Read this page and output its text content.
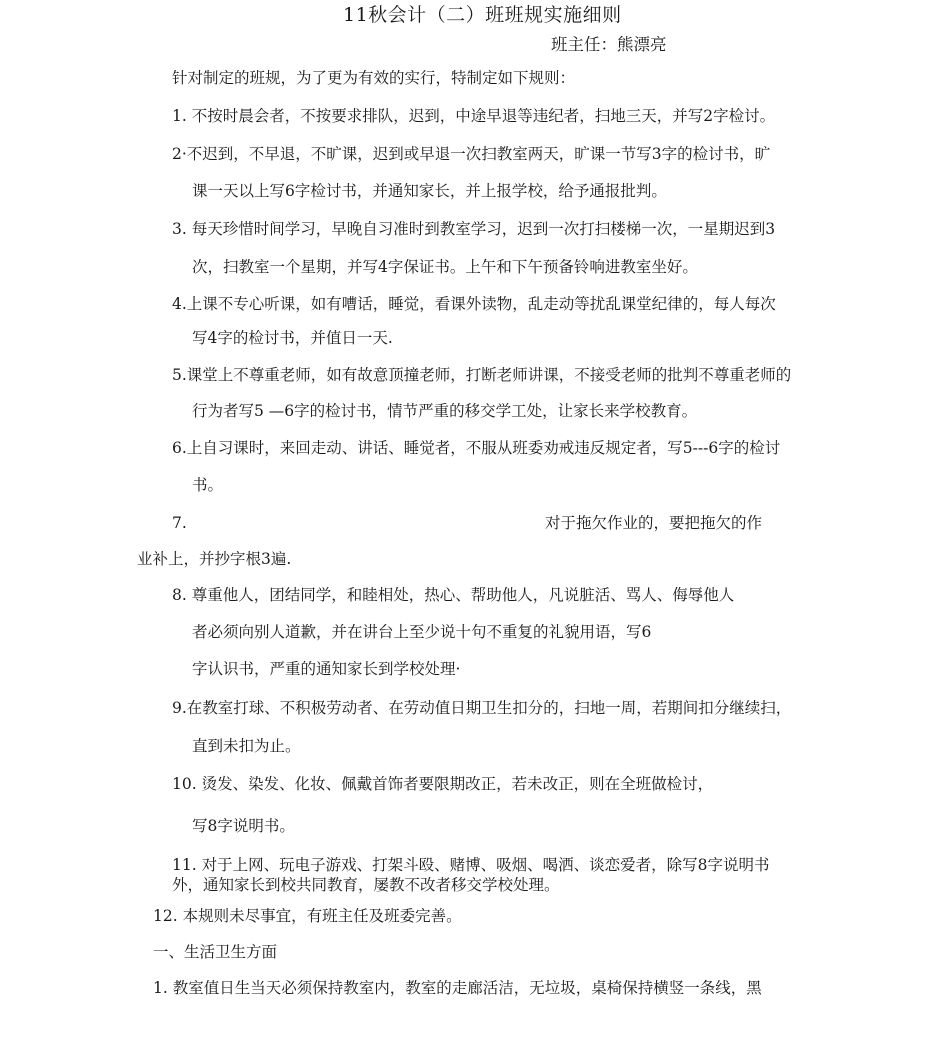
11秋会计（二）班班规实施细则
班主任：熊漂亮
针对制定的班规，为了更为有效的实行，特制定如下规则：
1. 不按时晨会者，不按要求排队，迟到，中途早退等违纪者，扫地三天，并写2字检讨。
2·不迟到，不早退，不旷课，迟到或早退一次扫教室两天，旷课一节写3字的检讨书，旷
课一天以上写6字检讨书，并通知家长，并上报学校，给予通报批判。
3. 每天珍惜时间学习，早晚自习准时到教室学习，迟到一次打扫楼梯一次，一星期迟到3
次，扫教室一个星期，并写4字保证书。上午和下午预备铃响进教室坐好。
4.上课不专心听课，如有嘈话，睡觉，看课外读物，乱走动等扰乱课堂纪律的，每人每次
写4字的检讨书，并值日一天.
5.课堂上不尊重老师，如有故意顶撞老师，打断老师讲课，不接受老师的批判不尊重老师的
行为者写5 —6字的检讨书，情节严重的移交学工处，让家长来学校教育。
6.上自习课时，来回走动、讲话、睡觉者，不服从班委劝戒违反规定者，写5---6字的检讨
书。
7.	对于拖欠作业的，要把拖欠的作
业补上，并抄字根3遍.
8. 尊重他人，团结同学，和睦相处，热心、帮助他人，凡说脏活、骂人、侮辱他人
者必须向别人道歉，并在讲台上至少说十句不重复的礼貌用语，写6
字认识书，严重的通知家长到学校处理·
9.在教室打球、不积极劳动者、在劳动值日期卫生扣分的，扫地一周，若期间扣分继续扫，
直到未扣为止。
10. 烫发、染发、化妆、佩戴首饰者要限期改正，若未改正，则在全班做检讨，
写8字说明书。
11. 对于上网、玩电子游戏、打架斗殴、赌博、吸烟、喝洒、谈恋爱者，除写8字说明书
外，通知家长到校共同教育，屡教不改者移交学校处理。
12. 本规则未尽事宜，有班主任及班委完善。
一、生活卫生方面
1. 教室值日生当天必须保持教室内，教室的走廊活洁，无垃圾，桌椅保持横竖一条线，黑
